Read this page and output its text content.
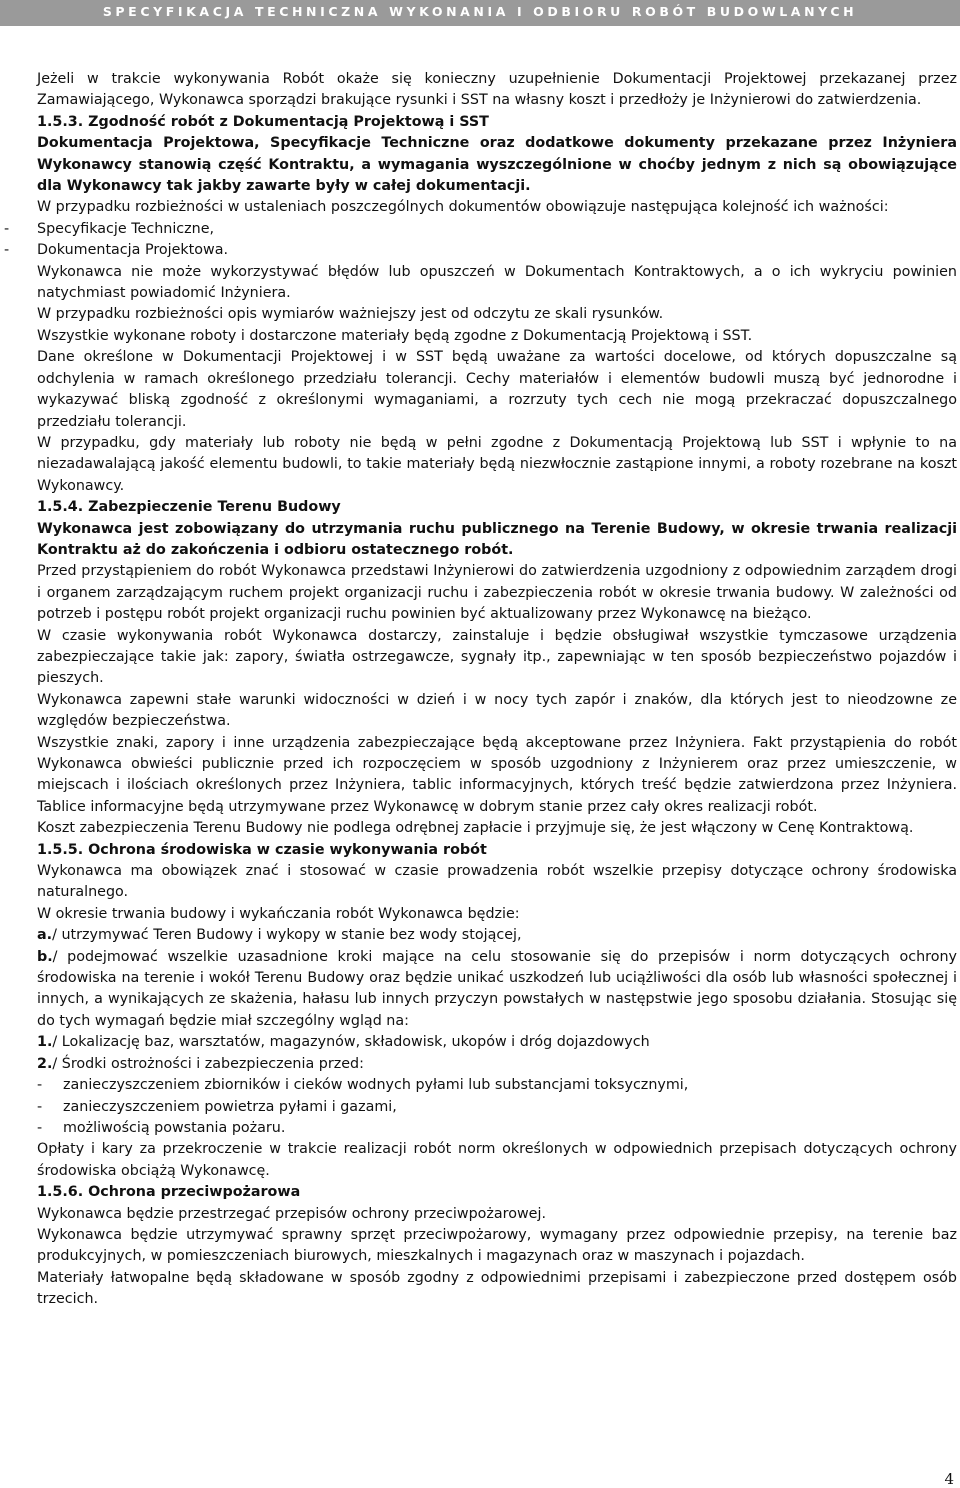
SPECYFIKACJA TECHNICZNA WYKONANIA I ODBIORU ROBÓT BUDOWLANYCH

Jeżeli w trakcie wykonywania Robót okaże się konieczny uzupełnienie Dokumentacji Projektowej przekazanej przez Zamawiającego, Wykonawca sporządzi brakujące rysunki i SST na własny koszt i przedłoży je Inżynierowi do zatwierdzenia.

1.5.3. Zgodność robót z Dokumentacją Projektową i SST

Dokumentacja Projektowa, Specyfikacje Techniczne oraz dodatkowe dokumenty przekazane przez Inżyniera Wykonawcy stanowią część Kontraktu, a wymagania wyszczególnione w choćby jednym z nich są obowiązujące dla Wykonawcy tak jakby zawarte były w całej dokumentacji.

W przypadku rozbieżności w ustaleniach poszczególnych dokumentów obowiązuje następująca kolejność ich ważności:

- Specyfikacje Techniczne,

- Dokumentacja Projektowa.

Wykonawca nie może wykorzystywać błędów lub opuszczeń w Dokumentach Kontraktowych, a o ich wykryciu powinien natychmiast powiadomić Inżyniera.

W przypadku rozbieżności opis wymiarów ważniejszy jest od odczytu ze skali rysunków.

Wszystkie wykonane roboty i dostarczone materiały będą zgodne z Dokumentacją Projektową i SST.

Dane określone w Dokumentacji Projektowej i w SST będą uważane za wartości docelowe, od których dopuszczalne są odchylenia w ramach określonego przedziału tolerancji. Cechy materiałów i elementów budowli muszą być jednorodne i wykazywać bliską zgodność z określonymi wymaganiami, a rozrzuty tych cech nie mogą przekraczać dopuszczalnego przedziału tolerancji.

W przypadku, gdy materiały lub roboty nie będą w pełni zgodne z Dokumentacją Projektową lub SST i wpłynie to na niezadawalającą jakość elementu budowli, to takie materiały będą niezwłocznie zastąpione innymi, a roboty rozebrane na koszt Wykonawcy.

1.5.4. Zabezpieczenie Terenu Budowy

Wykonawca jest zobowiązany do utrzymania ruchu publicznego na Terenie Budowy, w okresie trwania realizacji Kontraktu aż do zakończenia i odbioru ostatecznego robót.

Przed przystąpieniem do robót Wykonawca przedstawi Inżynierowi do zatwierdzenia uzgodniony z odpowiednim zarządem drogi i organem zarządzającym ruchem projekt organizacji ruchu i zabezpieczenia robót w okresie trwania budowy. W zależności od potrzeb i postępu robót projekt organizacji ruchu powinien być aktualizowany przez Wykonawcę na bieżąco.

W czasie wykonywania robót Wykonawca dostarczy, zainstaluje i będzie obsługiwał wszystkie tymczasowe urządzenia zabezpieczające takie jak: zapory, światła ostrzegawcze, sygnały itp., zapewniając w ten sposób bezpieczeństwo pojazdów i pieszych.

Wykonawca zapewni stałe warunki widoczności w dzień i w nocy tych zapór i znaków, dla których jest to nieodzowne ze względów bezpieczeństwa.

Wszystkie znaki, zapory i inne urządzenia zabezpieczające będą akceptowane przez Inżyniera. Fakt przystąpienia do robót Wykonawca obwieści publicznie przed ich rozpoczęciem w sposób uzgodniony z Inżynierem oraz przez umieszczenie, w miejscach i ilościach określonych przez Inżyniera, tablic informacyjnych, których treść będzie zatwierdzona przez Inżyniera. Tablice informacyjne będą utrzymywane przez Wykonawcę w dobrym stanie przez cały okres realizacji robót.

Koszt zabezpieczenia Terenu Budowy nie podlega odrębnej zapłacie i przyjmuje się, że jest włączony w Cenę Kontraktową.

1.5.5. Ochrona środowiska w czasie wykonywania robót

Wykonawca ma obowiązek znać i stosować w czasie prowadzenia robót wszelkie przepisy dotyczące ochrony środowiska naturalnego.

W okresie trwania budowy i wykańczania robót Wykonawca będzie:

a./ utrzymywać Teren Budowy i wykopy w stanie bez wody stojącej,

b./ podejmować wszelkie uzasadnione kroki mające na celu stosowanie się do przepisów i norm dotyczących ochrony środowiska na terenie i wokół Terenu Budowy oraz będzie unikać uszkodzeń lub uciążliwości dla osób lub własności społecznej i innych, a wynikających ze skażenia, hałasu lub innych przyczyn powstałych w następstwie jego sposobu działania. Stosując się do tych wymagań będzie miał szczególny wgląd na:

1./ Lokalizację baz, warsztatów, magazynów, składowisk, ukopów i dróg dojazdowych

2./ Środki ostrożności i zabezpieczenia przed:

- zanieczyszczeniem zbiorników i cieków wodnych pyłami lub substancjami toksycznymi,

- zanieczyszczeniem powietrza pyłami i gazami,

- możliwością powstania pożaru.

Opłaty i kary za przekroczenie w trakcie realizacji robót norm określonych w odpowiednich przepisach dotyczących ochrony środowiska obciążą Wykonawcę.

1.5.6. Ochrona przeciwpożarowa

Wykonawca będzie przestrzegać przepisów ochrony przeciwpożarowej.

Wykonawca będzie utrzymywać sprawny sprzęt przeciwpożarowy, wymagany przez odpowiednie przepisy, na terenie baz produkcyjnych, w pomieszczeniach biurowych, mieszkalnych i magazynach oraz w maszynach i pojazdach.

Materiały łatwopalne będą składowane w sposób zgodny z odpowiednimi przepisami i zabezpieczone przed dostępem osób trzecich.

4
